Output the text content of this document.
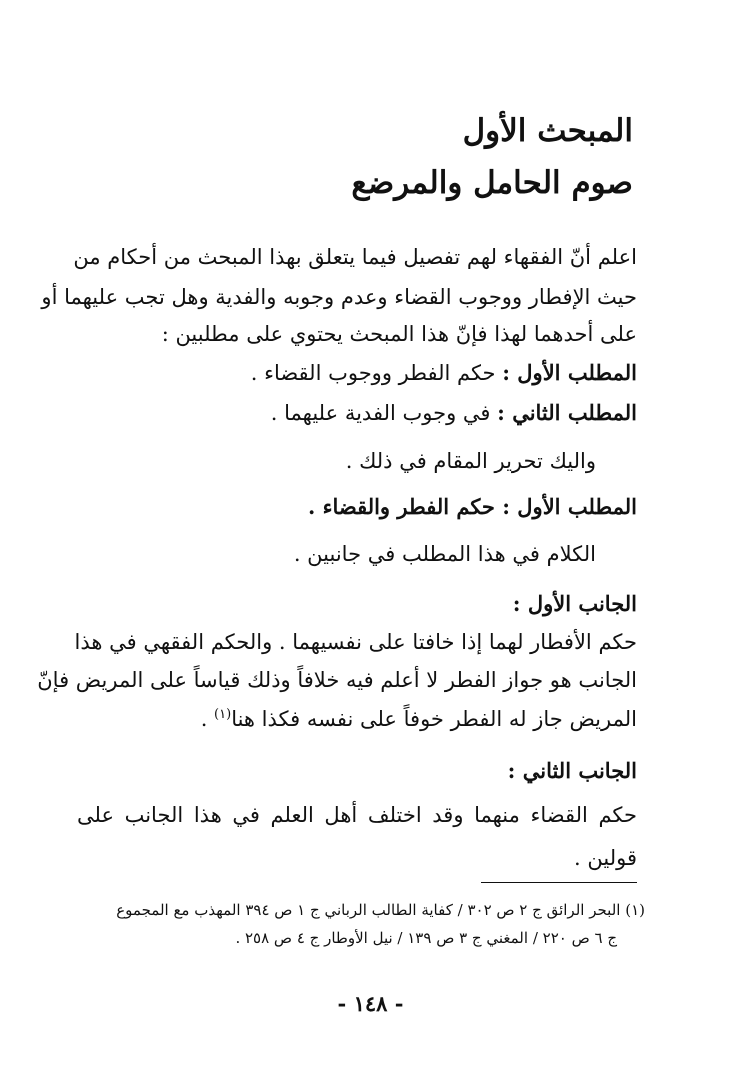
المبحث الأول
صوم الحامل والمرضع
اعلم أنّ الفقهاء لهم تفصيل فيما يتعلق بهذا المبحث من أحكام من
حيث الإفطار ووجوب القضاء وعدم وجوبه والفدية وهل تجب عليهما أو
على أحدهما لهذا فإنّ هذا المبحث يحتوي على مطلبين :
المطلب الأول : حكم الفطر ووجوب القضاء .
المطلب الثاني : في وجوب الفدية عليهما .
واليك تحرير المقام في ذلك .
المطلب الأول : حكم الفطر والقضاء .
الكلام في هذا المطلب في جانبين .
الجانب الأول :
حكم الأفطار لهما إذا خافتا على نفسيهما . والحكم الفقهي في هذا
الجانب هو جواز الفطر لا أعلم فيه خلافاً وذلك قياساً على المريض فإنّ
المريض جاز له الفطر خوفاً على نفسه فكذا هنا$^{(١)}$ .
الجانب الثاني :
حكم القضاء منهما وقد اختلف أهل العلم في هذا الجانب على
قولين .
(١) البحر الرائق ج ٢ ص ٣٠٢ / كفاية الطالب الرباني ج ١ ص ٣٩٤ المهذب مع المجموع
ج ٦ ص ٢٢٠ / المغني ج ٣ ص ١٣٩ / نيل الأوطار ج ٤ ص ٢٥٨ .
- ١٤٨ -
